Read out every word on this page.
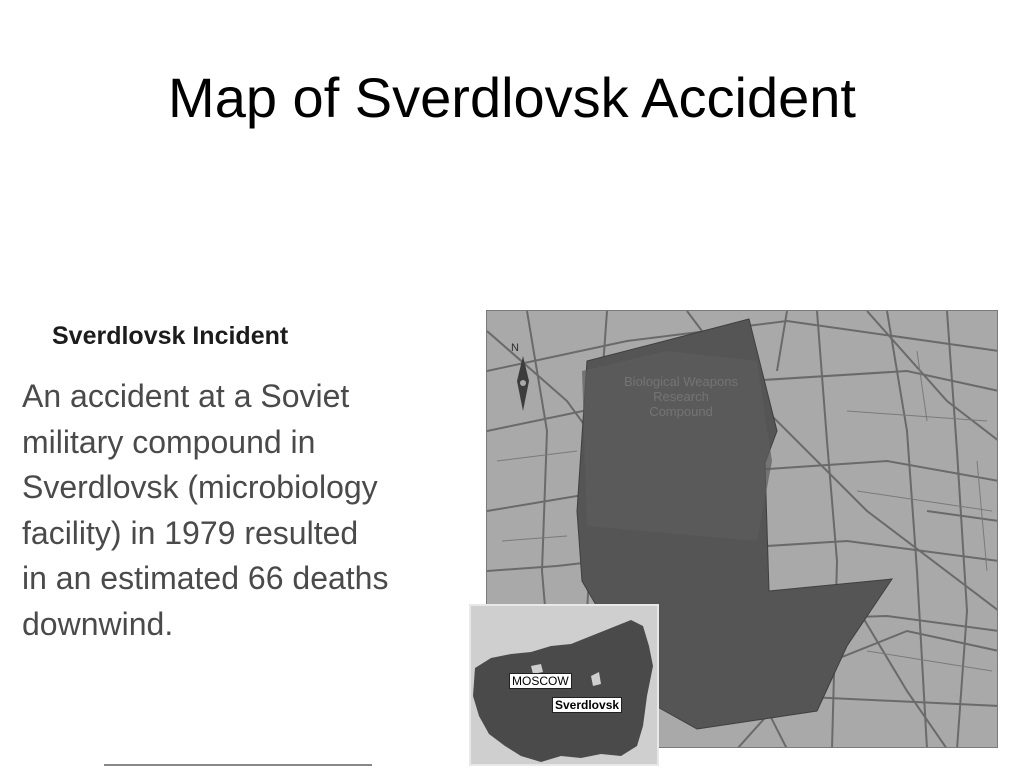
Map of Sverdlovsk Accident
Sverdlovsk Incident
An accident at a Soviet
military compound in
Sverdlovsk (microbiology
facility) in 1979 resulted
in an estimated 66 deaths
downwind.
N
Biological Weapons
Research
Compound
MOSCOW
Sverdlovsk
